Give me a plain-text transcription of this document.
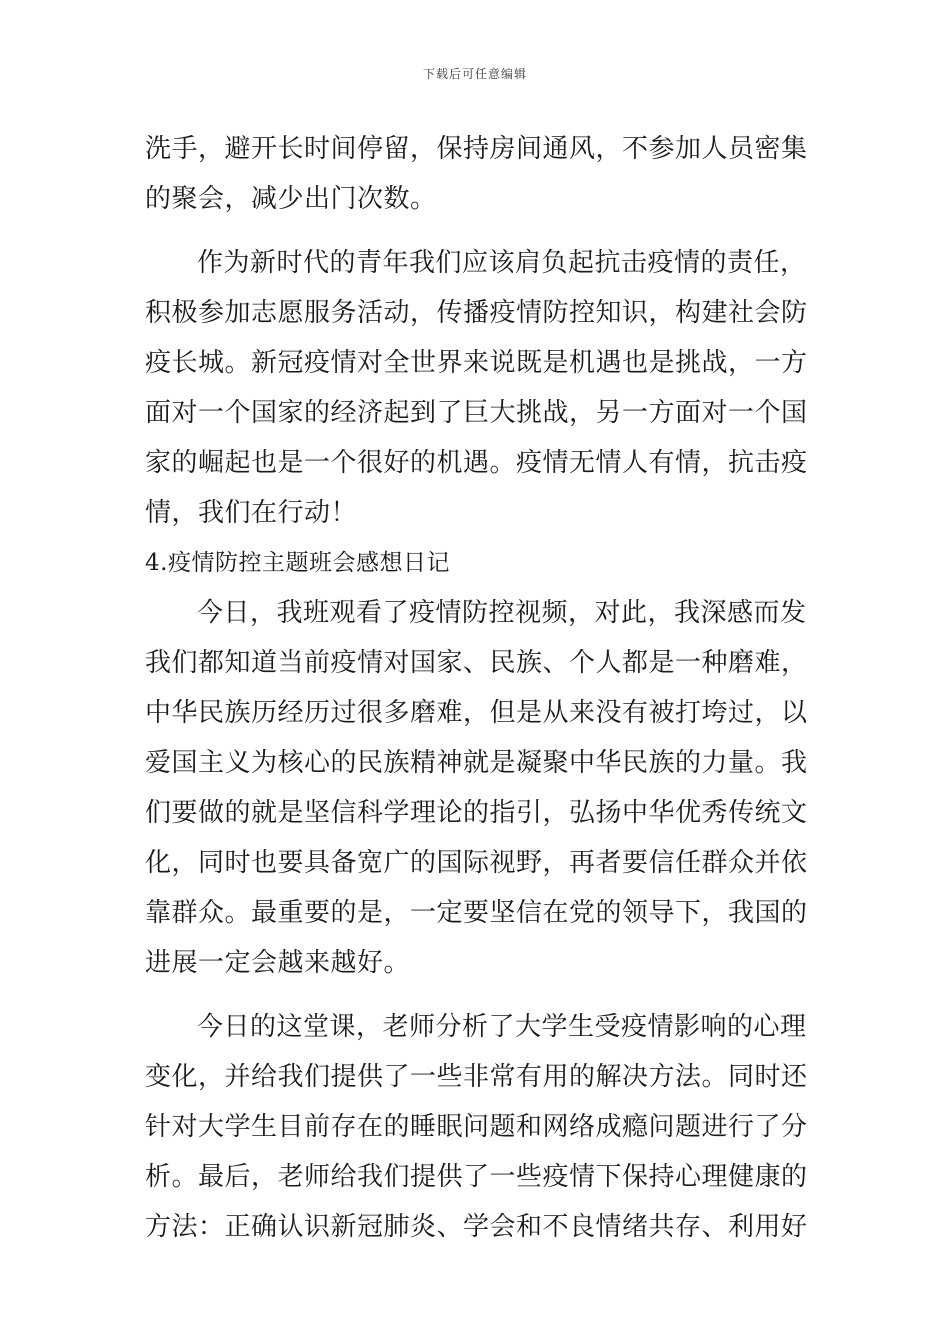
下载后可任意编辑
洗手，避开长时间停留，保持房间通风，不参加人员密集
的聚会，减少出门次数。
作为新时代的青年我们应该肩负起抗击疫情的责任，
积极参加志愿服务活动，传播疫情防控知识，构建社会防
疫长城。新冠疫情对全世界来说既是机遇也是挑战，一方
面对一个国家的经济起到了巨大挑战，另一方面对一个国
家的崛起也是一个很好的机遇。疫情无情人有情，抗击疫
情，我们在行动！
4.疫情防控主题班会感想日记
今日，我班观看了疫情防控视频，对此，我深感而发
我们都知道当前疫情对国家、民族、个人都是一种磨难，
中华民族历经历过很多磨难，但是从来没有被打垮过，以
爱国主义为核心的民族精神就是凝聚中华民族的力量。我
们要做的就是坚信科学理论的指引，弘扬中华优秀传统文
化，同时也要具备宽广的国际视野，再者要信任群众并依
靠群众。最重要的是，一定要坚信在党的领导下，我国的
进展一定会越来越好。
今日的这堂课，老师分析了大学生受疫情影响的心理
变化，并给我们提供了一些非常有用的解决方法。同时还
针对大学生目前存在的睡眠问题和网络成瘾问题进行了分
析。最后，老师给我们提供了一些疫情下保持心理健康的
方法：正确认识新冠肺炎、学会和不良情绪共存、利用好
